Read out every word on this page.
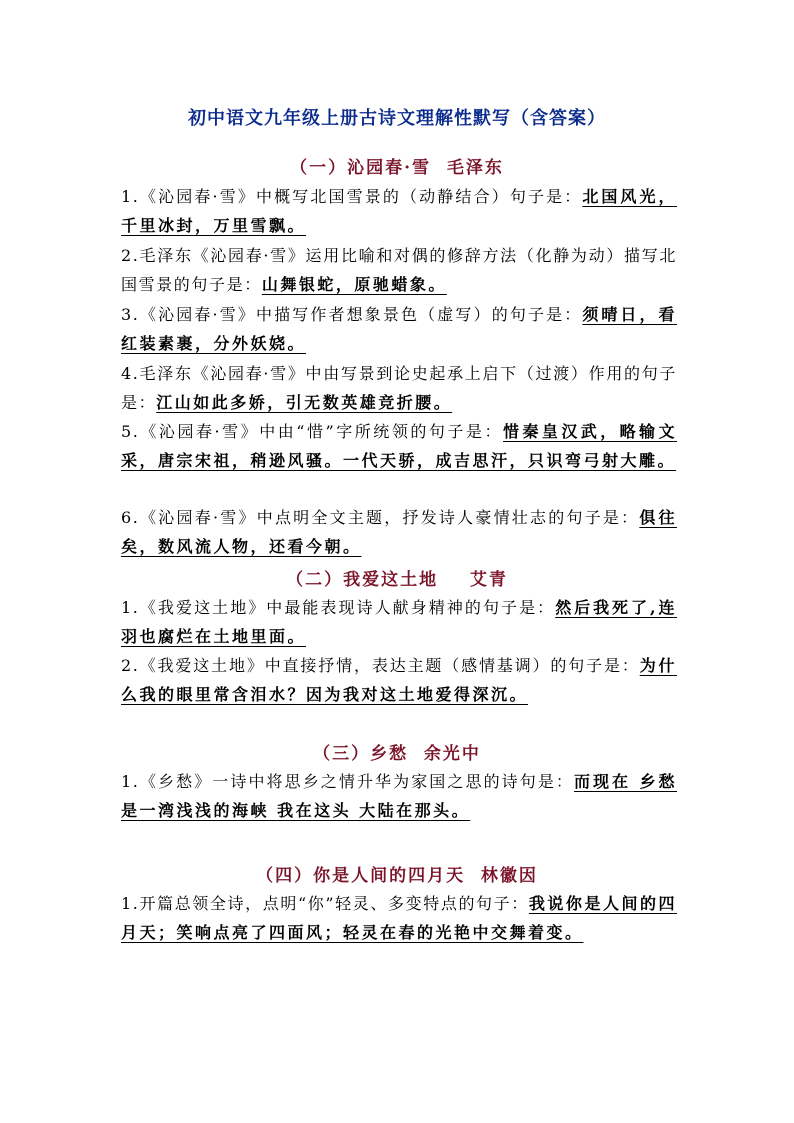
初中语文九年级上册古诗文理解性默写（含答案）
（一）沁园春·雪  毛泽东
1.《沁园春·雪》中概写北国雪景的（动静结合）句子是：北国风光，千里冰封，万里雪飘。
2.毛泽东《沁园春·雪》运用比喻和对偶的修辞方法（化静为动）描写北国雪景的句子是：山舞银蛇，原驰蜡象。
3.《沁园春·雪》中描写作者想象景色（虚写）的句子是：须晴日，看红装素裹，分外妖娆。
4.毛泽东《沁园春·雪》中由写景到论史起承上启下（过渡）作用的句子是：江山如此多娇，引无数英雄竞折腰。
5.《沁园春·雪》中由“惜”字所统领的句子是：惜秦皇汉武，略输文采，唐宗宋祖，稍逊风骚。一代天骄，成吉思汗，只识弯弓射大雕。
6.《沁园春·雪》中点明全文主题，抒发诗人豪情壮志的句子是：俱往矣，数风流人物，还看今朝。
（二）我爱这土地    艾青
1.《我爱这土地》中最能表现诗人献身精神的句子是：然后我死了,连羽也腐烂在土地里面。
2.《我爱这土地》中直接抒情，表达主题（感情基调）的句子是：为什么我的眼里常含泪水？因为我对这土地爱得深沉。
（三）乡愁  余光中
1.《乡愁》一诗中将思乡之情升华为家国之思的诗句是：而现在 乡愁是一湾浅浅的海峡 我在这头 大陆在那头。
（四）你是人间的四月天  林徽因
1.开篇总领全诗，点明“你”轻灵、多变特点的句子：我说你是人间的四月天；笑响点亮了四面风；轻灵在春的光艳中交舞着变。
